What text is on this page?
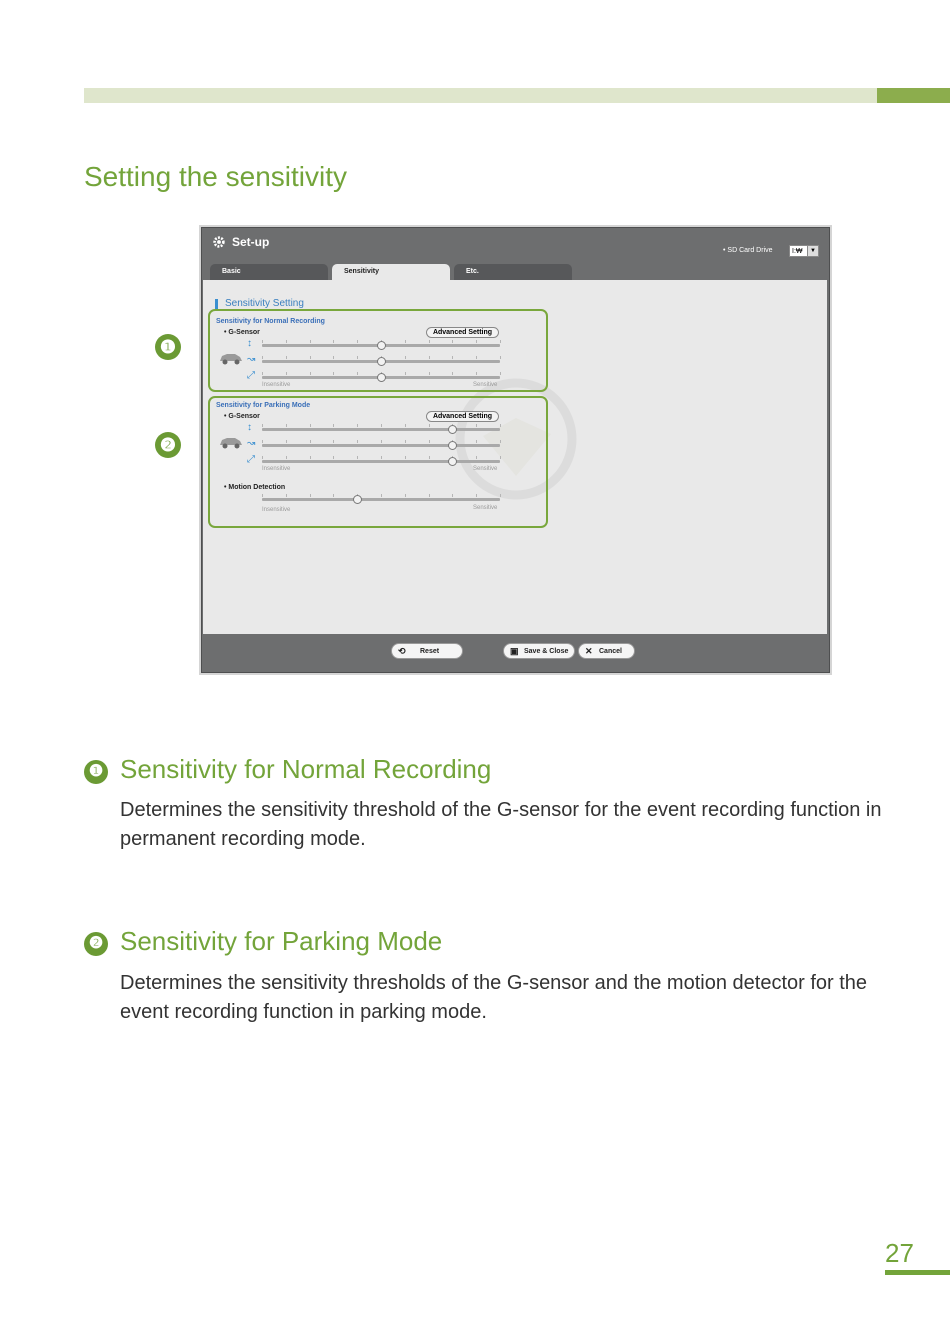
Setting the sensitivity
❶
❷
Set-up
• SD Card Drive	I:₩	▼
Basic	Sensitivity	Etc.
Sensitivity Setting
Sensitivity for Normal Recording
• G-Sensor	Advanced Setting
↕
↝
⤢
Insensitive	Sensitive
Sensitivity for Parking Mode
• G-Sensor	Advanced Setting
↕
↝
⤢
Insensitive	Sensitive
• Motion Detection
Insensitive	Sensitive
⟲ Reset	▣ Save & Close	✕ Cancel
❶ Sensitivity for Normal Recording

Determines the sensitivity threshold of the G-sensor for the event recording function in permanent recording mode.

❷ Sensitivity for Parking Mode

Determines the sensitivity thresholds of the G-sensor and the motion detector for the event recording function in parking mode.

27
